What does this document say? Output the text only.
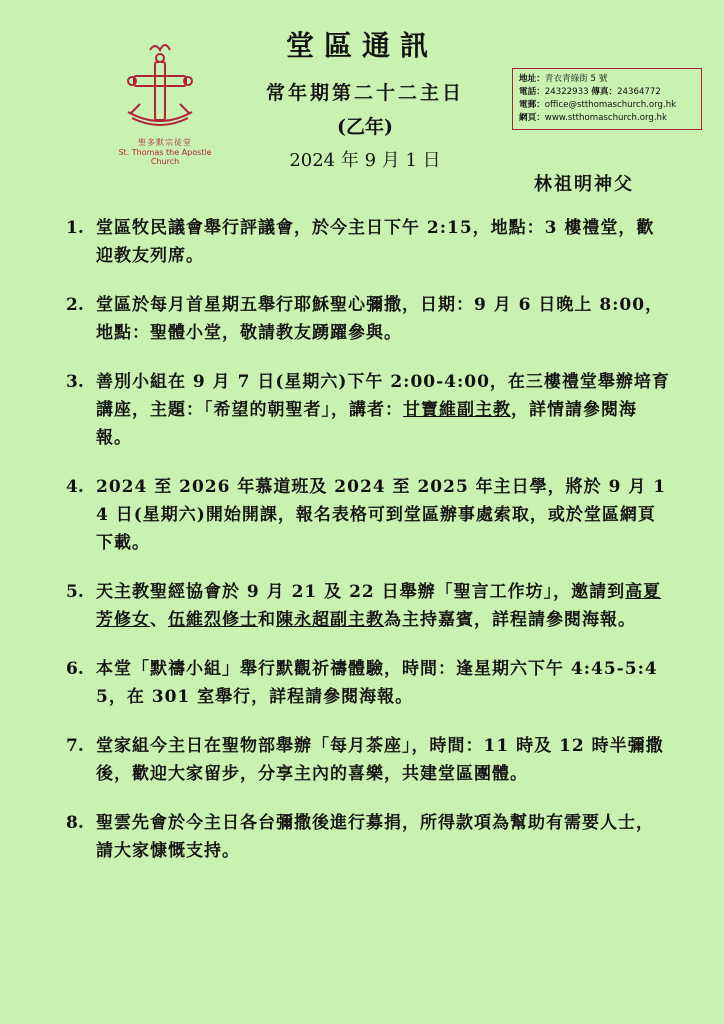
聖多默宗徒堂
St. Thomas the Apostle Church
堂區通訊
常年期第二十二主日
(乙年)
2024 年 9 月 1 日
地址：青衣青綠街 5 號
電話：24322933 傳真：24364772
電郵：office@stthomaschurch.org.hk
網頁：www.stthomaschurch.org.hk
林祖明神父
1. 堂區牧民議會舉行評議會，於今主日下午 2:15，地點：3 樓禮堂，歡迎教友列席。
2. 堂區於每月首星期五舉行耶穌聖心彌撒，日期：9 月 6 日晚上 8:00，地點：聖體小堂，敬請教友踴躍參與。
3. 善別小組在 9 月 7 日(星期六)下午 2:00-4:00，在三樓禮堂舉辦培育講座，主題：「希望的朝聖者」，講者：甘寶維副主教，詳情請參閱海報。
4. 2024 至 2026 年慕道班及 2024 至 2025 年主日學，將於 9 月 14 日(星期六)開始開課，報名表格可到堂區辦事處索取，或於堂區網頁下載。
5. 天主教聖經協會於 9 月 21 及 22 日舉辦「聖言工作坊」，邀請到高夏芳修女、伍維烈修士和陳永超副主教為主持嘉賓，詳程請參閱海報。
6. 本堂「默禱小組」舉行默觀祈禱體驗，時間：逢星期六下午 4:45-5:45，在 301 室舉行，詳程請參閱海報。
7. 堂家組今主日在聖物部舉辦「每月茶座」，時間：11 時及 12 時半彌撒後，歡迎大家留步，分享主內的喜樂，共建堂區團體。
8. 聖雲先會於今主日各台彌撒後進行募捐，所得款項為幫助有需要人士，請大家慷慨支持。
